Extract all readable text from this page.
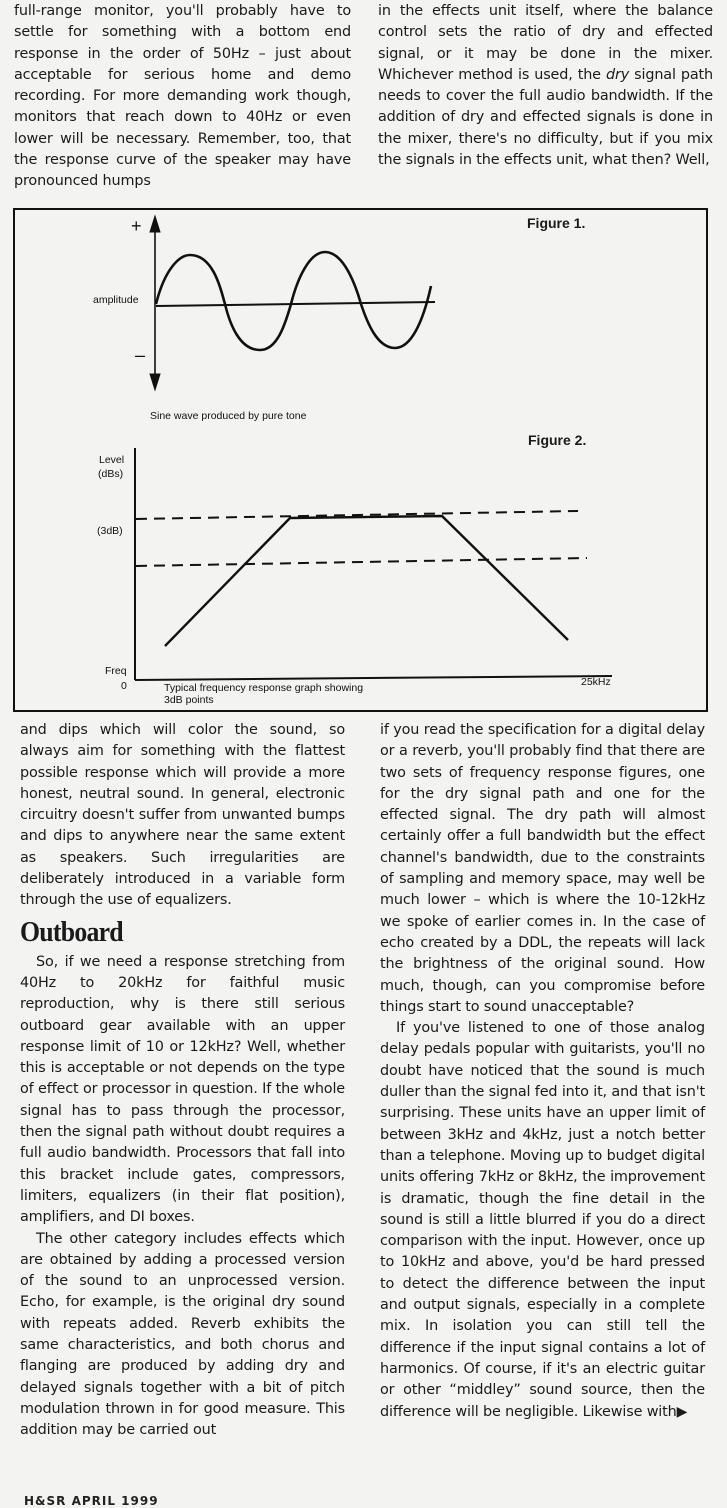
full-range monitor, you'll probably have to settle for something with a bottom end response in the order of 50Hz – just about acceptable for serious home and demo recording. For more demanding work though, monitors that reach down to 40Hz or even lower will be necessary. Remember, too, that the response curve of the speaker may have pronounced humps

in the effects unit itself, where the balance control sets the ratio of dry and effected signal, or it may be done in the mixer. Whichever method is used, the dry signal path needs to cover the full audio bandwidth. If the addition of dry and effected signals is done in the mixer, there's no difficulty, but if you mix the signals in the effects unit, what then? Well,

Figure 1.
+
–
amplitude
Sine wave produced by pure tone
Figure 2.
Level
(dBs)
(3dB)
Freq
0	25kHz
Typical frequency response graph showing
3dB points

and dips which will color the sound, so always aim for something with the flattest possible response which will provide a more honest, neutral sound. In general, electronic circuitry doesn't suffer from unwanted bumps and dips to anywhere near the same extent as speakers. Such irregularities are deliberately introduced in a variable form through the use of equalizers.

Outboard

So, if we need a response stretching from 40Hz to 20kHz for faithful music reproduction, why is there still serious outboard gear available with an upper response limit of 10 or 12kHz? Well, whether this is acceptable or not depends on the type of effect or processor in question. If the whole signal has to pass through the processor, then the signal path without doubt requires a full audio bandwidth. Processors that fall into this bracket include gates, compressors, limiters, equalizers (in their flat position), amplifiers, and DI boxes.

The other category includes effects which are obtained by adding a processed version of the sound to an unprocessed version. Echo, for example, is the original dry sound with repeats added. Reverb exhibits the same characteristics, and both chorus and flanging are produced by adding dry and delayed signals together with a bit of pitch modulation thrown in for good measure. This addition may be carried out

if you read the specification for a digital delay or a reverb, you'll probably find that there are two sets of frequency response figures, one for the dry signal path and one for the effected signal. The dry path will almost certainly offer a full bandwidth but the effect channel's bandwidth, due to the constraints of sampling and memory space, may well be much lower – which is where the 10-12kHz we spoke of earlier comes in. In the case of echo created by a DDL, the repeats will lack the brightness of the original sound. How much, though, can you compromise before things start to sound unacceptable?

If you've listened to one of those analog delay pedals popular with guitarists, you'll no doubt have noticed that the sound is much duller than the signal fed into it, and that isn't surprising. These units have an upper limit of between 3kHz and 4kHz, just a notch better than a telephone. Moving up to budget digital units offering 7kHz or 8kHz, the improvement is dramatic, though the fine detail in the sound is still a little blurred if you do a direct comparison with the input. However, once up to 10kHz and above, you'd be hard pressed to detect the difference between the input and output signals, especially in a complete mix. In isolation you can still tell the difference if the input signal contains a lot of harmonics. Of course, if it's an electric guitar or other “middley” sound source, then the difference will be negligible. Likewise with▶

H&SR APRIL 1999
